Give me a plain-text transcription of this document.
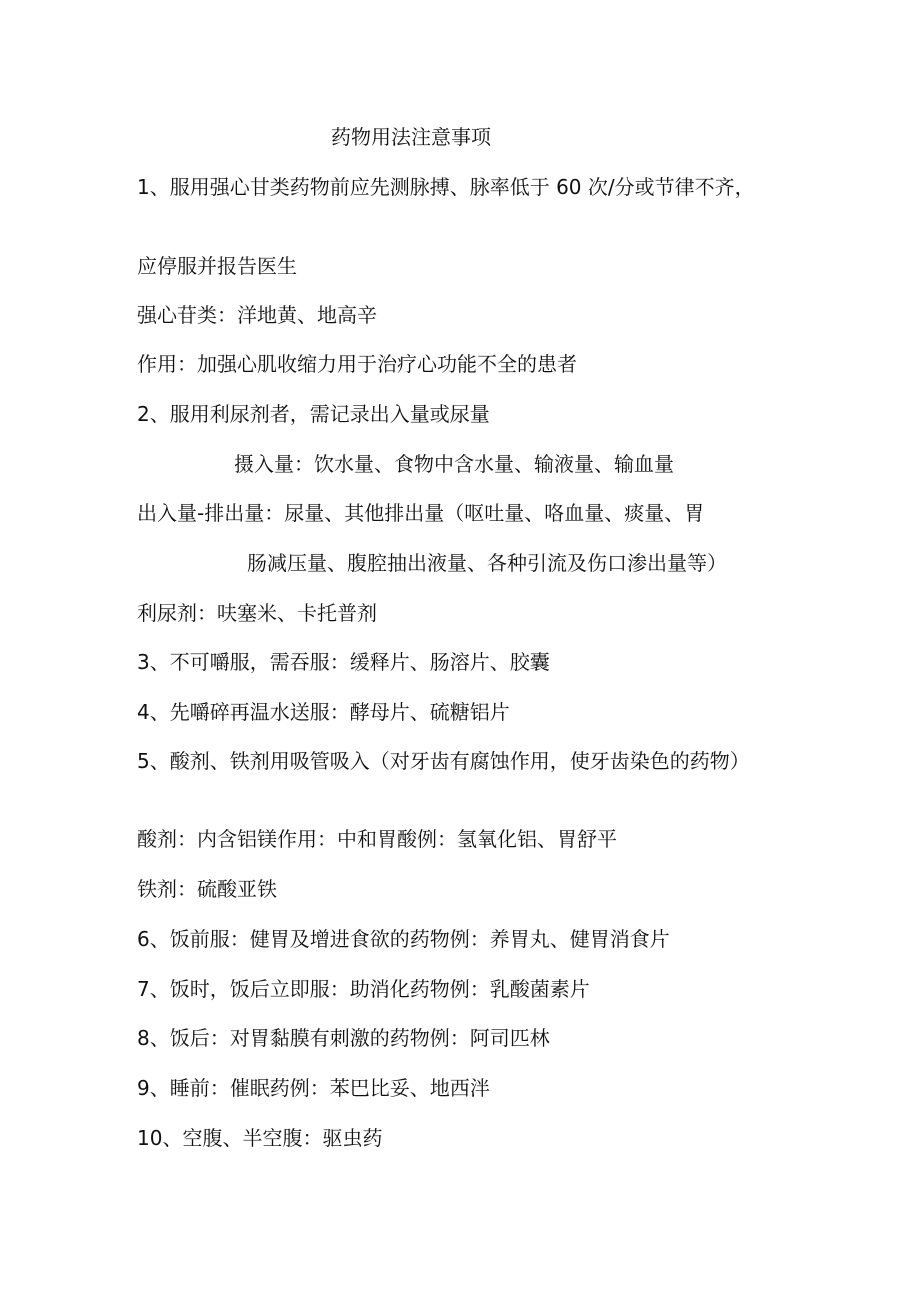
药物用法注意事项
1、服用强心甘类药物前应先测脉搏、脉率低于 60 次/分或节律不齐，
应停服并报告医生
强心苷类：洋地黄、地高辛
作用：加强心肌收缩力用于治疗心功能不全的患者
2、服用利尿剂者，需记录出入量或尿量
摄入量：饮水量、食物中含水量、输液量、输血量
出入量-排出量：尿量、其他排出量（呕吐量、咯血量、痰量、胃
肠减压量、腹腔抽出液量、各种引流及伤口渗出量等）
利尿剂：呋塞米、卡托普剂
3、不可嚼服，需吞服：缓释片、肠溶片、胶囊
4、先嚼碎再温水送服：酵母片、硫糖铝片
5、酸剂、铁剂用吸管吸入（对牙齿有腐蚀作用，使牙齿染色的药物）
酸剂：内含铝镁作用：中和胃酸例：氢氧化铝、胃舒平
铁剂：硫酸亚铁
6、饭前服：健胃及增进食欲的药物例：养胃丸、健胃消食片
7、饭时，饭后立即服：助消化药物例：乳酸菌素片
8、饭后：对胃黏膜有刺激的药物例：阿司匹林
9、睡前：催眠药例：苯巴比妥、地西泮
10、空腹、半空腹：驱虫药
